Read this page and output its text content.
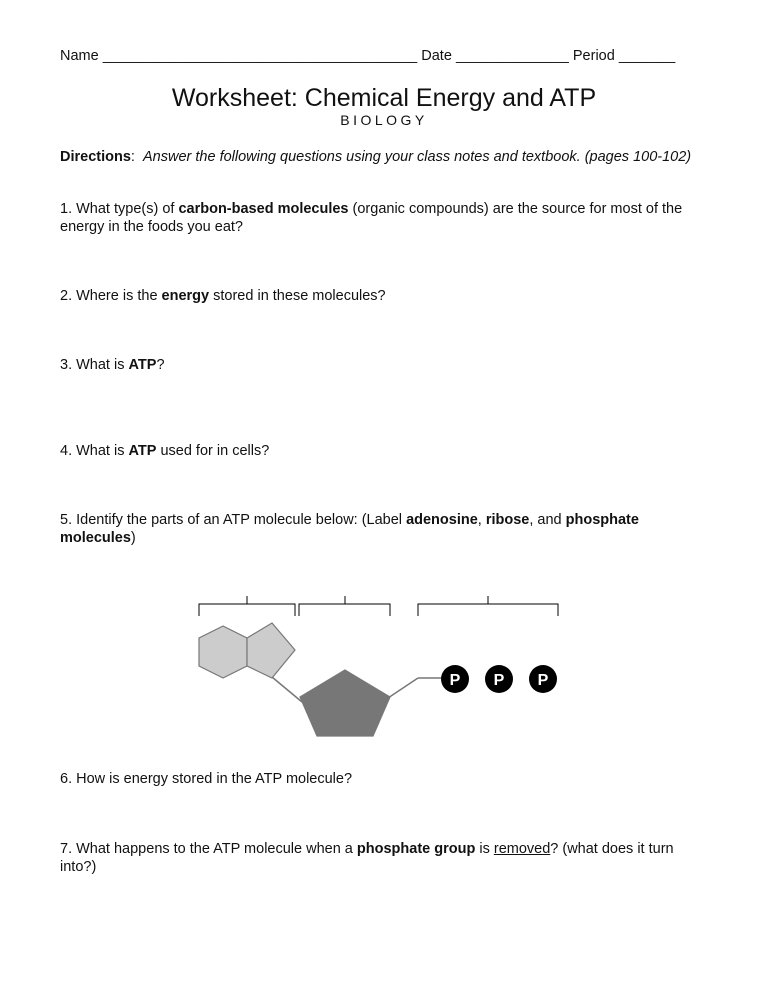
Name _______________________________________ Date ______________ Period _______
Worksheet: Chemical Energy and ATP
BIOLOGY
Directions: Answer the following questions using your class notes and textbook. (pages 100-102)
1. What type(s) of carbon-based molecules (organic compounds) are the source for most of the energy in the foods you eat?
2. Where is the energy stored in these molecules?
3. What is ATP?
4. What is ATP used for in cells?
5. Identify the parts of an ATP molecule below: (Label adenosine, ribose, and phosphate molecules)
P P P
6. How is energy stored in the ATP molecule?
7. What happens to the ATP molecule when a phosphate group is removed? (what does it turn into?)
